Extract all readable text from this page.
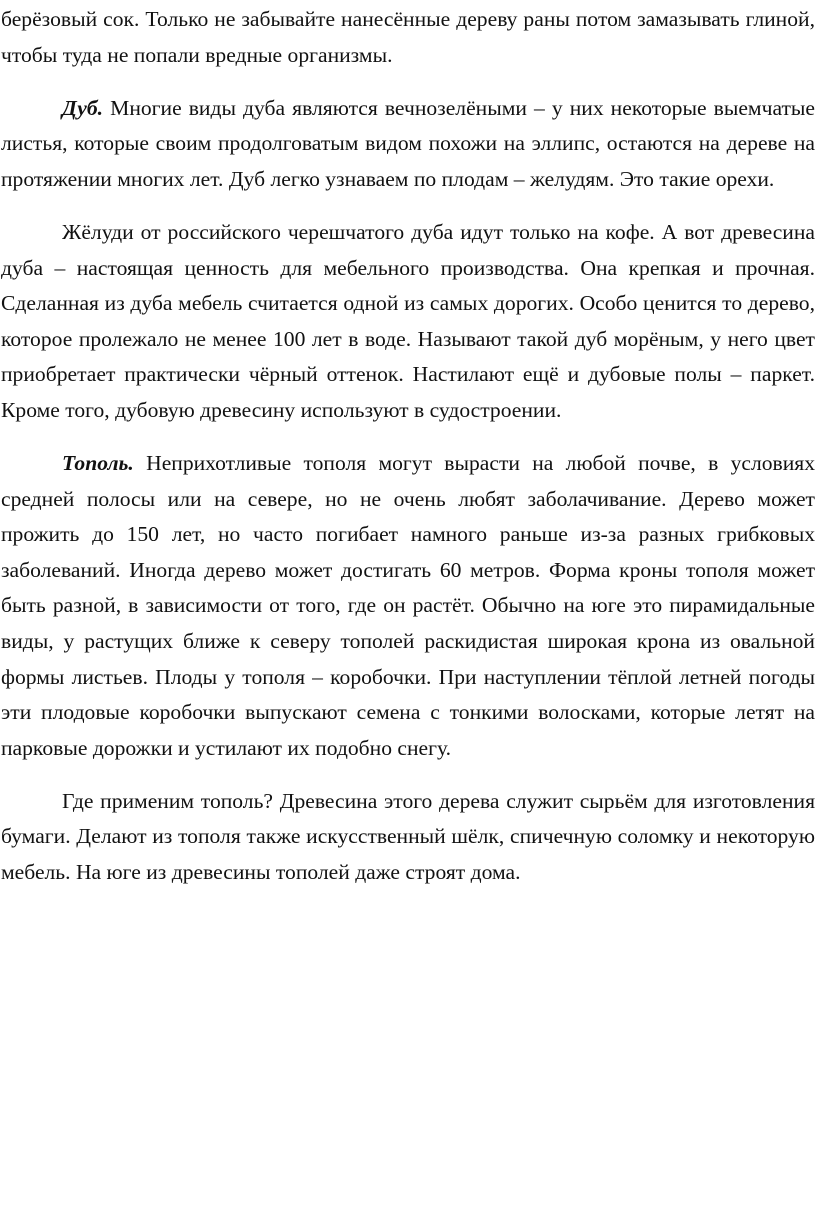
берёзовый сок. Только не забывайте нанесённые дереву раны потом замазывать глиной, чтобы туда не попали вредные организмы.

Дуб. Многие виды дуба являются вечнозелёными – у них некоторые выемчатые листья, которые своим продолговатым видом похожи на эллипс, остаются на дереве на протяжении многих лет. Дуб легко узнаваем по плодам – желудям. Это такие орехи.

Жёлуди от российского черешчатого дуба идут только на кофе. А вот древесина дуба – настоящая ценность для мебельного производства. Она крепкая и прочная. Сделанная из дуба мебель считается одной из самых дорогих. Особо ценится то дерево, которое пролежало не менее 100 лет в воде. Называют такой дуб морёным, у него цвет приобретает практически чёрный оттенок. Настилают ещё и дубовые полы – паркет. Кроме того, дубовую древесину используют в судостроении.

Тополь. Неприхотливые тополя могут вырасти на любой почве, в условиях средней полосы или на севере, но не очень любят заболачивание. Дерево может прожить до 150 лет, но часто погибает намного раньше из-за разных грибковых заболеваний. Иногда дерево может достигать 60 метров. Форма кроны тополя может быть разной, в зависимости от того, где он растёт. Обычно на юге это пирамидальные виды, у растущих ближе к северу тополей раскидистая широкая крона из овальной формы листьев. Плоды у тополя – коробочки. При наступлении тёплой летней погоды эти плодовые коробочки выпускают семена с тонкими волосками, которые летят на парковые дорожки и устилают их подобно снегу.

Где применим тополь? Древесина этого дерева служит сырьём для изготовления бумаги. Делают из тополя также искусственный шёлк, спичечную соломку и некоторую мебель. На юге из древесины тополей даже строят дома.
